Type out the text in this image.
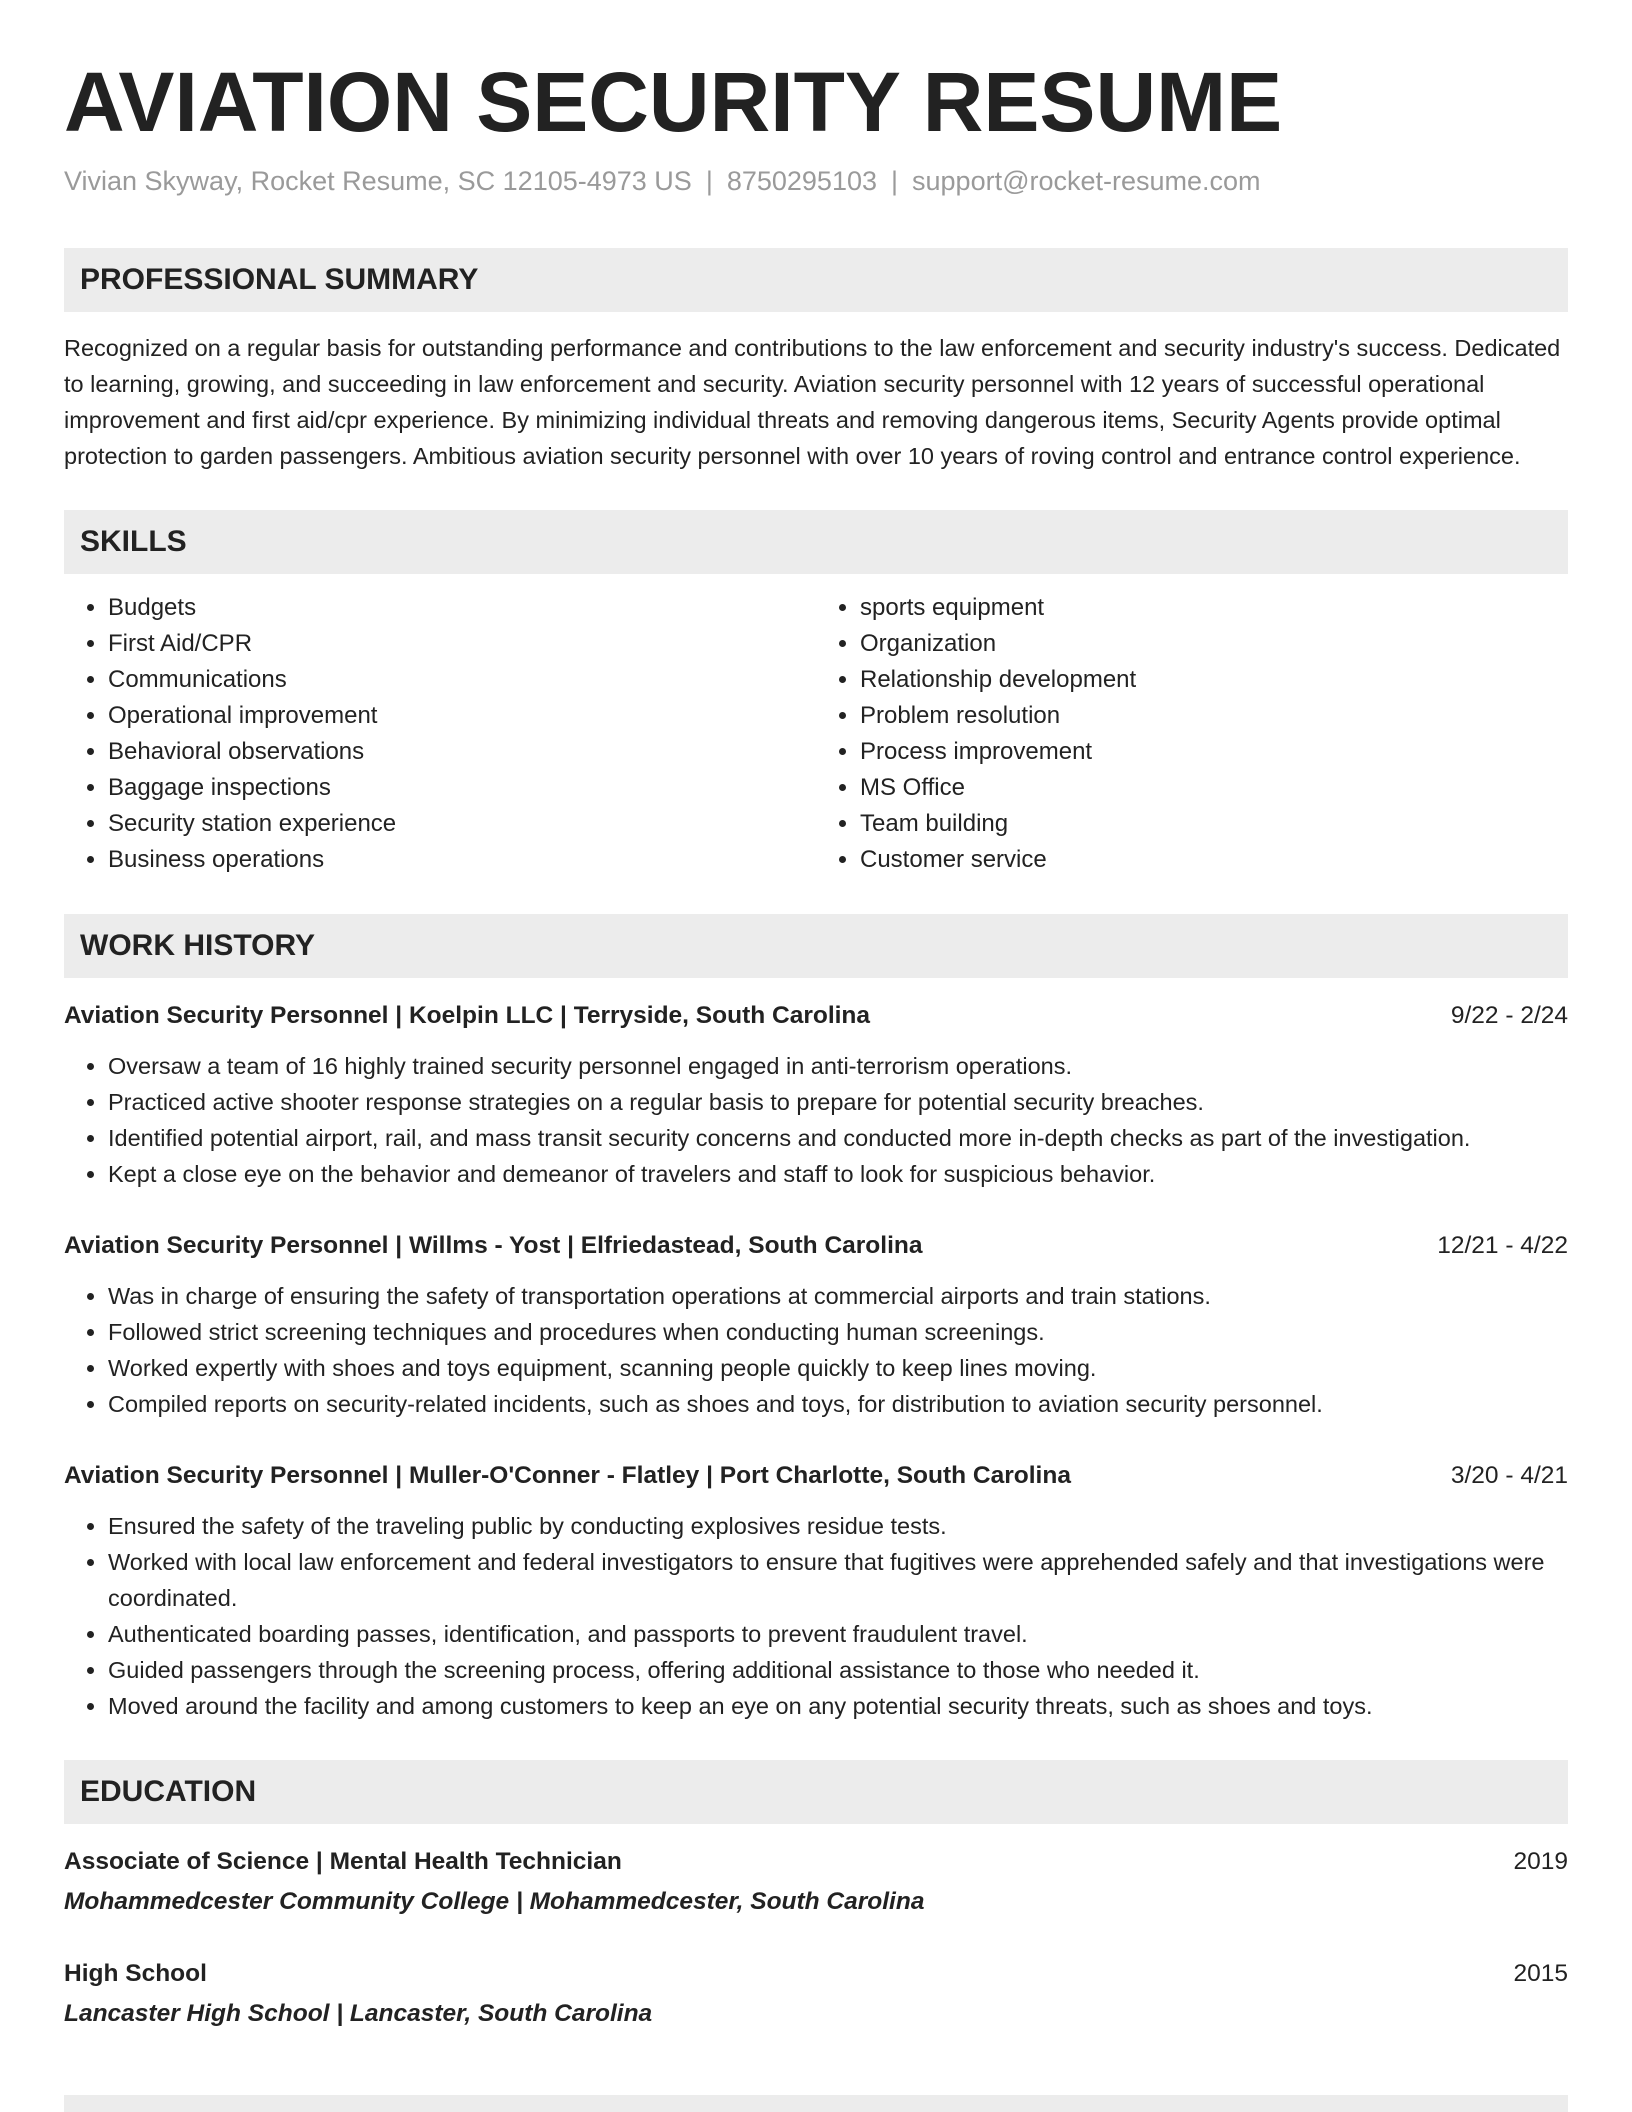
AVIATION SECURITY RESUME
Vivian Skyway, Rocket Resume, SC 12105-4973 US | 8750295103 | support@rocket-resume.com
PROFESSIONAL SUMMARY
Recognized on a regular basis for outstanding performance and contributions to the law enforcement and security industry's success. Dedicated to learning, growing, and succeeding in law enforcement and security. Aviation security personnel with 12 years of successful operational improvement and first aid/cpr experience. By minimizing individual threats and removing dangerous items, Security Agents provide optimal protection to garden passengers. Ambitious aviation security personnel with over 10 years of roving control and entrance control experience.
SKILLS
• Budgets
• First Aid/CPR
• Communications
• Operational improvement
• Behavioral observations
• Baggage inspections
• Security station experience
• Business operations
• sports equipment
• Organization
• Relationship development
• Problem resolution
• Process improvement
• MS Office
• Team building
• Customer service
WORK HISTORY
Aviation Security Personnel | Koelpin LLC | Terryside, South Carolina	9/22 - 2/24
• Oversaw a team of 16 highly trained security personnel engaged in anti-terrorism operations.
• Practiced active shooter response strategies on a regular basis to prepare for potential security breaches.
• Identified potential airport, rail, and mass transit security concerns and conducted more in-depth checks as part of the investigation.
• Kept a close eye on the behavior and demeanor of travelers and staff to look for suspicious behavior.
Aviation Security Personnel | Willms - Yost | Elfriedastead, South Carolina	12/21 - 4/22
• Was in charge of ensuring the safety of transportation operations at commercial airports and train stations.
• Followed strict screening techniques and procedures when conducting human screenings.
• Worked expertly with shoes and toys equipment, scanning people quickly to keep lines moving.
• Compiled reports on security-related incidents, such as shoes and toys, for distribution to aviation security personnel.
Aviation Security Personnel | Muller-O'Conner - Flatley | Port Charlotte, South Carolina	3/20 - 4/21
• Ensured the safety of the traveling public by conducting explosives residue tests.
• Worked with local law enforcement and federal investigators to ensure that fugitives were apprehended safely and that investigations were coordinated.
• Authenticated boarding passes, identification, and passports to prevent fraudulent travel.
• Guided passengers through the screening process, offering additional assistance to those who needed it.
• Moved around the facility and among customers to keep an eye on any potential security threats, such as shoes and toys.
EDUCATION
Associate of Science | Mental Health Technician	2019
Mohammedcester Community College | Mohammedcester, South Carolina
High School	2015
Lancaster High School | Lancaster, South Carolina
